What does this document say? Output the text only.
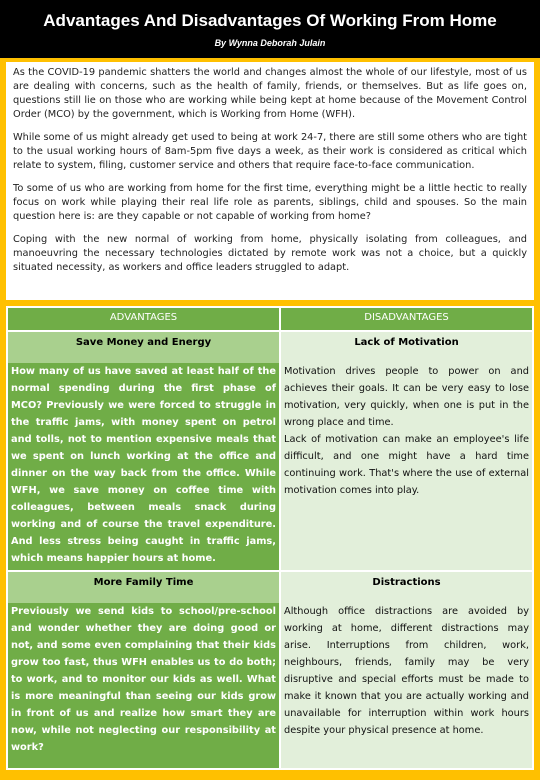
Advantages And Disadvantages Of Working From Home
By Wynna Deborah Julain

As the COVID-19 pandemic shatters the world and changes almost the whole of our lifestyle, most of us are dealing with concerns, such as the health of family, friends, or themselves. But as life goes on, questions still lie on those who are working while being kept at home because of the Movement Control Order (MCO) by the government, which is Working from Home (WFH).

While some of us might already get used to being at work 24-7, there are still some others who are tight to the usual working hours of 8am-5pm five days a week, as their work is considered as critical which relate to system, filing, customer service and others that require face-to-face communication.

To some of us who are working from home for the first time, everything might be a little hectic to really focus on work while playing their real life role as parents, siblings, child and spouses. So the main question here is: are they capable or not capable of working from home?

Coping with the new normal of working from home, physically isolating from colleagues, and manoeuvring the necessary technologies dictated by remote work was not a choice, but a quickly situated necessity, as workers and office leaders struggled to adapt.

ADVANTAGES	DISADVANTAGES
Save Money and Energy

How many of us have saved at least half of the normal spending during the first phase of MCO? Previously we were forced to struggle in the traffic jams, with money spent on petrol and tolls, not to mention expensive meals that we spent on lunch working at the office and dinner on the way back from the office. While WFH, we save money on coffee time with colleagues, between meals snack during working and of course the travel expenditure. And less stress being caught in traffic jams, which means happier hours at home.

Lack of Motivation

Motivation drives people to power on and achieves their goals. It can be very easy to lose motivation, very quickly, when one is put in the wrong place and time.

Lack of motivation can make an employee's life difficult, and one might have a hard time continuing work. That's where the use of external motivation comes into play.

More Family Time

Previously we send kids to school/pre-school and wonder whether they are doing good or not, and some even complaining that their kids grow too fast, thus WFH enables us to do both; to work, and to monitor our kids as well. What is more meaningful than seeing our kids grow in front of us and realize how smart they are now, while not neglecting our responsibility at work?

Distractions

Although office distractions are avoided by working at home, different distractions may arise. Interruptions from children, work, neighbours, friends, family may be very disruptive and special efforts must be made to make it known that you are actually working and unavailable for interruption within work hours despite your physical presence at home.
